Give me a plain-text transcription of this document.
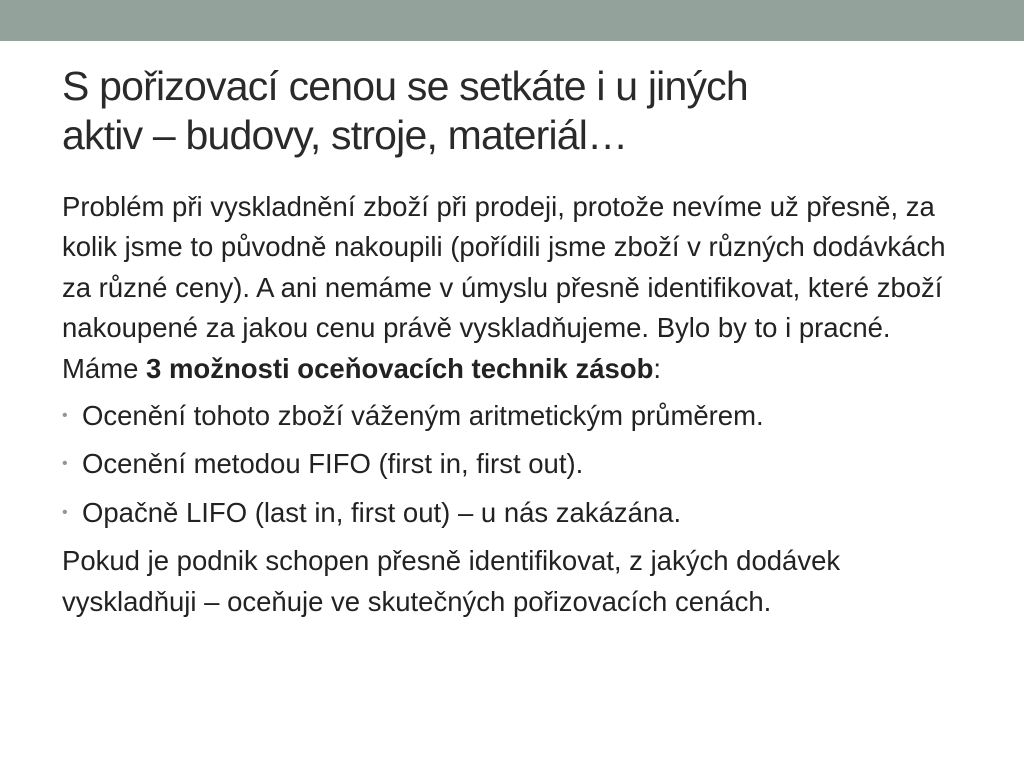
S pořizovací cenou se setkáte i u jiných
aktiv – budovy, stroje, materiál…

Problém při vyskladnění zboží při prodeji, protože nevíme už přesně, za kolik jsme to původně nakoupili (pořídili jsme zboží v různých dodávkách za různé ceny). A ani nemáme v úmyslu přesně identifikovat, které zboží nakoupené za jakou cenu právě vyskladňujeme. Bylo by to i pracné.

Máme 3 možnosti oceňovacích technik zásob:

• Ocenění tohoto zboží váženým aritmetickým průměrem.
• Ocenění metodou FIFO (first in, first out).
• Opačně LIFO (last in, first out) – u nás zakázána.

Pokud je podnik schopen přesně identifikovat, z jakých dodávek vyskladňuji – oceňuje ve skutečných pořizovacích cenách.
